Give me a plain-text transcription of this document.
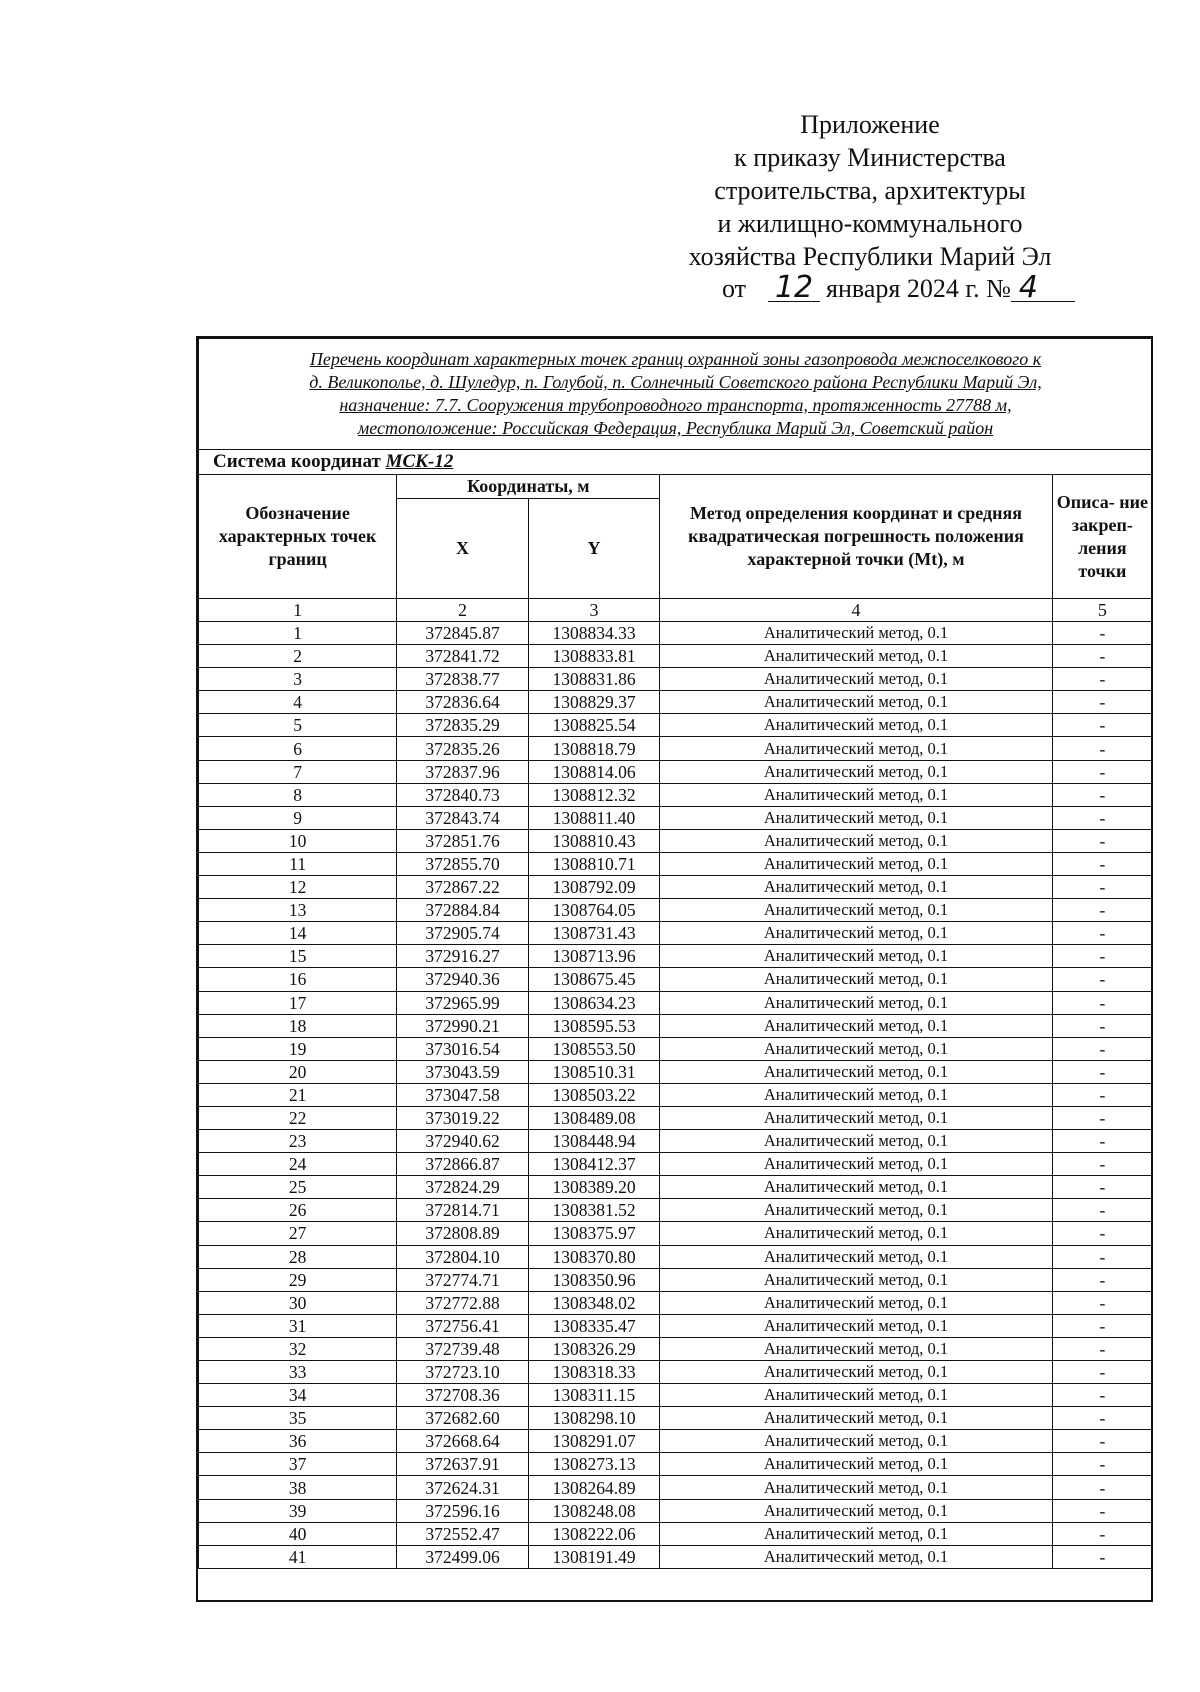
Приложение
к приказу Министерства
строительства, архитектуры
и жилищно-коммунального
хозяйства Республики Марий Эл
от 12 января 2024 г. № 4
Перечень координат характерных точек границ охранной зоны газопровода межпоселкового к
д. Великополье, д. Шуледур, п. Голубой, п. Солнечный Советского района Республики Марий Эл,
назначение: 7.7. Сооружения трубопроводного транспорта, протяженность 27788 м,
местоположение: Российская Федерация, Республика Марий Эл, Советский район				

Система координат МСК-12				
Обозначение характерных точек границ	Координаты, м		Метод определения координат и средняя квадратическая погрешность положения характерной точки (Mt), м	Описа- ние закреп- ления точки
	X	Y		
1	2	3	4	5
1	372845.87	1308834.33	Аналитический метод, 0.1	-
2	372841.72	1308833.81	Аналитический метод, 0.1	-
3	372838.77	1308831.86	Аналитический метод, 0.1	-
4	372836.64	1308829.37	Аналитический метод, 0.1	-
5	372835.29	1308825.54	Аналитический метод, 0.1	-
6	372835.26	1308818.79	Аналитический метод, 0.1	-
7	372837.96	1308814.06	Аналитический метод, 0.1	-
8	372840.73	1308812.32	Аналитический метод, 0.1	-
9	372843.74	1308811.40	Аналитический метод, 0.1	-
10	372851.76	1308810.43	Аналитический метод, 0.1	-
11	372855.70	1308810.71	Аналитический метод, 0.1	-
12	372867.22	1308792.09	Аналитический метод, 0.1	-
13	372884.84	1308764.05	Аналитический метод, 0.1	-
14	372905.74	1308731.43	Аналитический метод, 0.1	-
15	372916.27	1308713.96	Аналитический метод, 0.1	-
16	372940.36	1308675.45	Аналитический метод, 0.1	-
17	372965.99	1308634.23	Аналитический метод, 0.1	-
18	372990.21	1308595.53	Аналитический метод, 0.1	-
19	373016.54	1308553.50	Аналитический метод, 0.1	-
20	373043.59	1308510.31	Аналитический метод, 0.1	-
21	373047.58	1308503.22	Аналитический метод, 0.1	-
22	373019.22	1308489.08	Аналитический метод, 0.1	-
23	372940.62	1308448.94	Аналитический метод, 0.1	-
24	372866.87	1308412.37	Аналитический метод, 0.1	-
25	372824.29	1308389.20	Аналитический метод, 0.1	-
26	372814.71	1308381.52	Аналитический метод, 0.1	-
27	372808.89	1308375.97	Аналитический метод, 0.1	-
28	372804.10	1308370.80	Аналитический метод, 0.1	-
29	372774.71	1308350.96	Аналитический метод, 0.1	-
30	372772.88	1308348.02	Аналитический метод, 0.1	-
31	372756.41	1308335.47	Аналитический метод, 0.1	-
32	372739.48	1308326.29	Аналитический метод, 0.1	-
33	372723.10	1308318.33	Аналитический метод, 0.1	-
34	372708.36	1308311.15	Аналитический метод, 0.1	-
35	372682.60	1308298.10	Аналитический метод, 0.1	-
36	372668.64	1308291.07	Аналитический метод, 0.1	-
37	372637.91	1308273.13	Аналитический метод, 0.1	-
38	372624.31	1308264.89	Аналитический метод, 0.1	-
39	372596.16	1308248.08	Аналитический метод, 0.1	-
40	372552.47	1308222.06	Аналитический метод, 0.1	-
41	372499.06	1308191.49	Аналитический метод, 0.1	-
